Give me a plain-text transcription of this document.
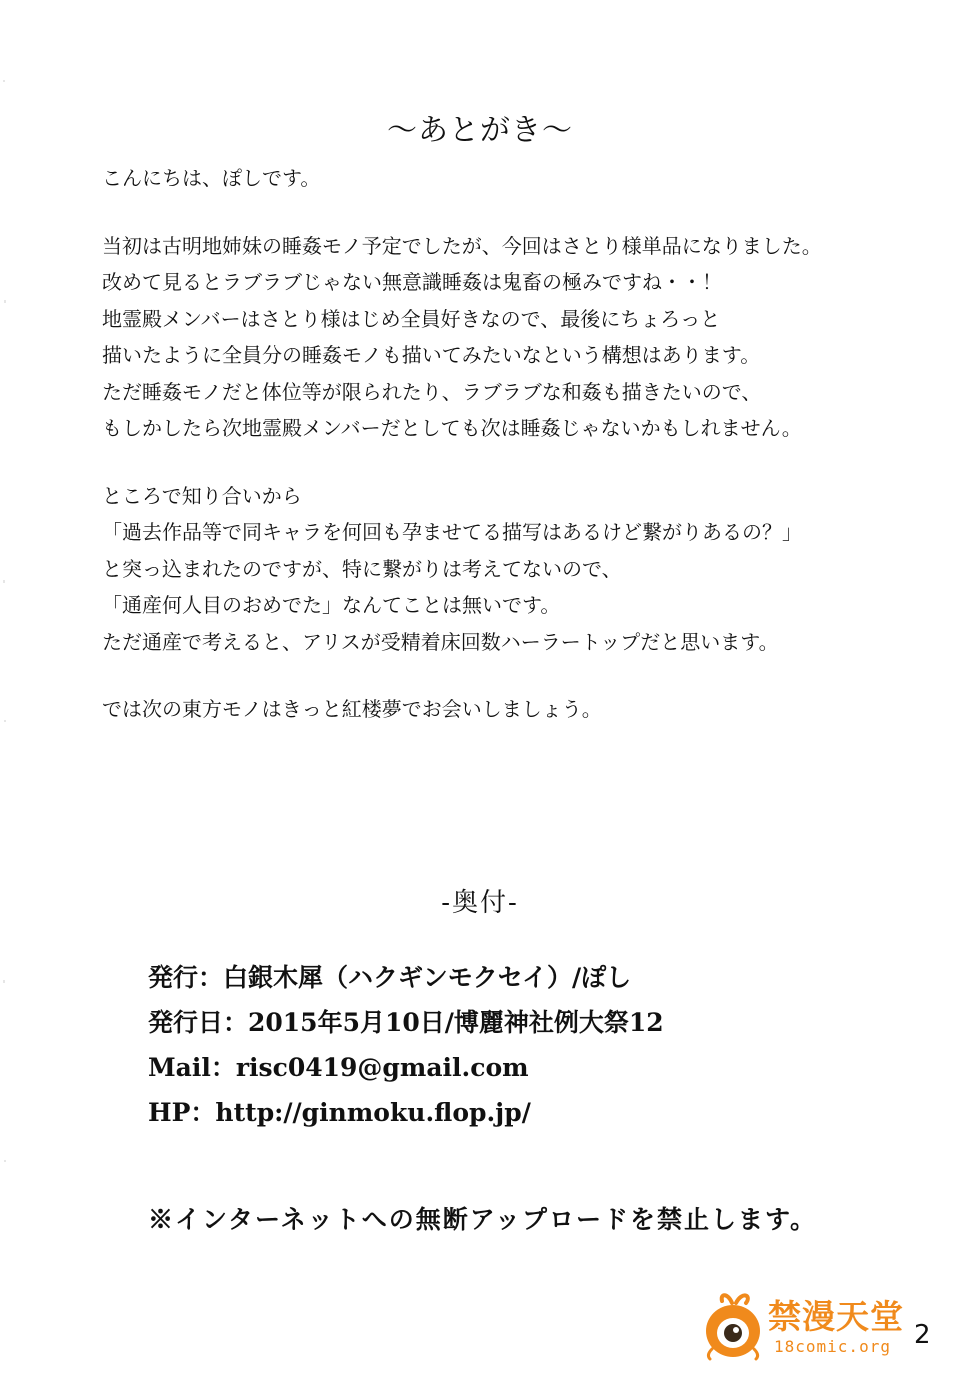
〜あとがき〜
こんにちは、ぽしです。
当初は古明地姉妹の睡姦モノ予定でしたが、今回はさとり様単品になりました。
改めて見るとラブラブじゃない無意識睡姦は鬼畜の極みですね・・！
地霊殿メンバーはさとり様はじめ全員好きなので、最後にちょろっと
描いたように全員分の睡姦モノも描いてみたいなという構想はあります。
ただ睡姦モノだと体位等が限られたり、ラブラブな和姦も描きたいので、
もしかしたら次地霊殿メンバーだとしても次は睡姦じゃないかもしれません。
ところで知り合いから
「過去作品等で同キャラを何回も孕ませてる描写はあるけど繋がりあるの？」
と突っ込まれたのですが、特に繋がりは考えてないので、
「通産何人目のおめでた」なんてことは無いです。
ただ通産で考えると、アリスが受精着床回数ハーラートップだと思います。
では次の東方モノはきっと紅楼夢でお会いしましょう。
-奥付-
発行：白銀木犀（ハクギンモクセイ）/ぽし
発行日：2015年5月10日/博麗神社例大祭12
Mail：risc0419@gmail.com
HP：http://ginmoku.flop.jp/
※インターネットへの無断アップロードを禁止します。
禁漫天堂
18comic.org 2
